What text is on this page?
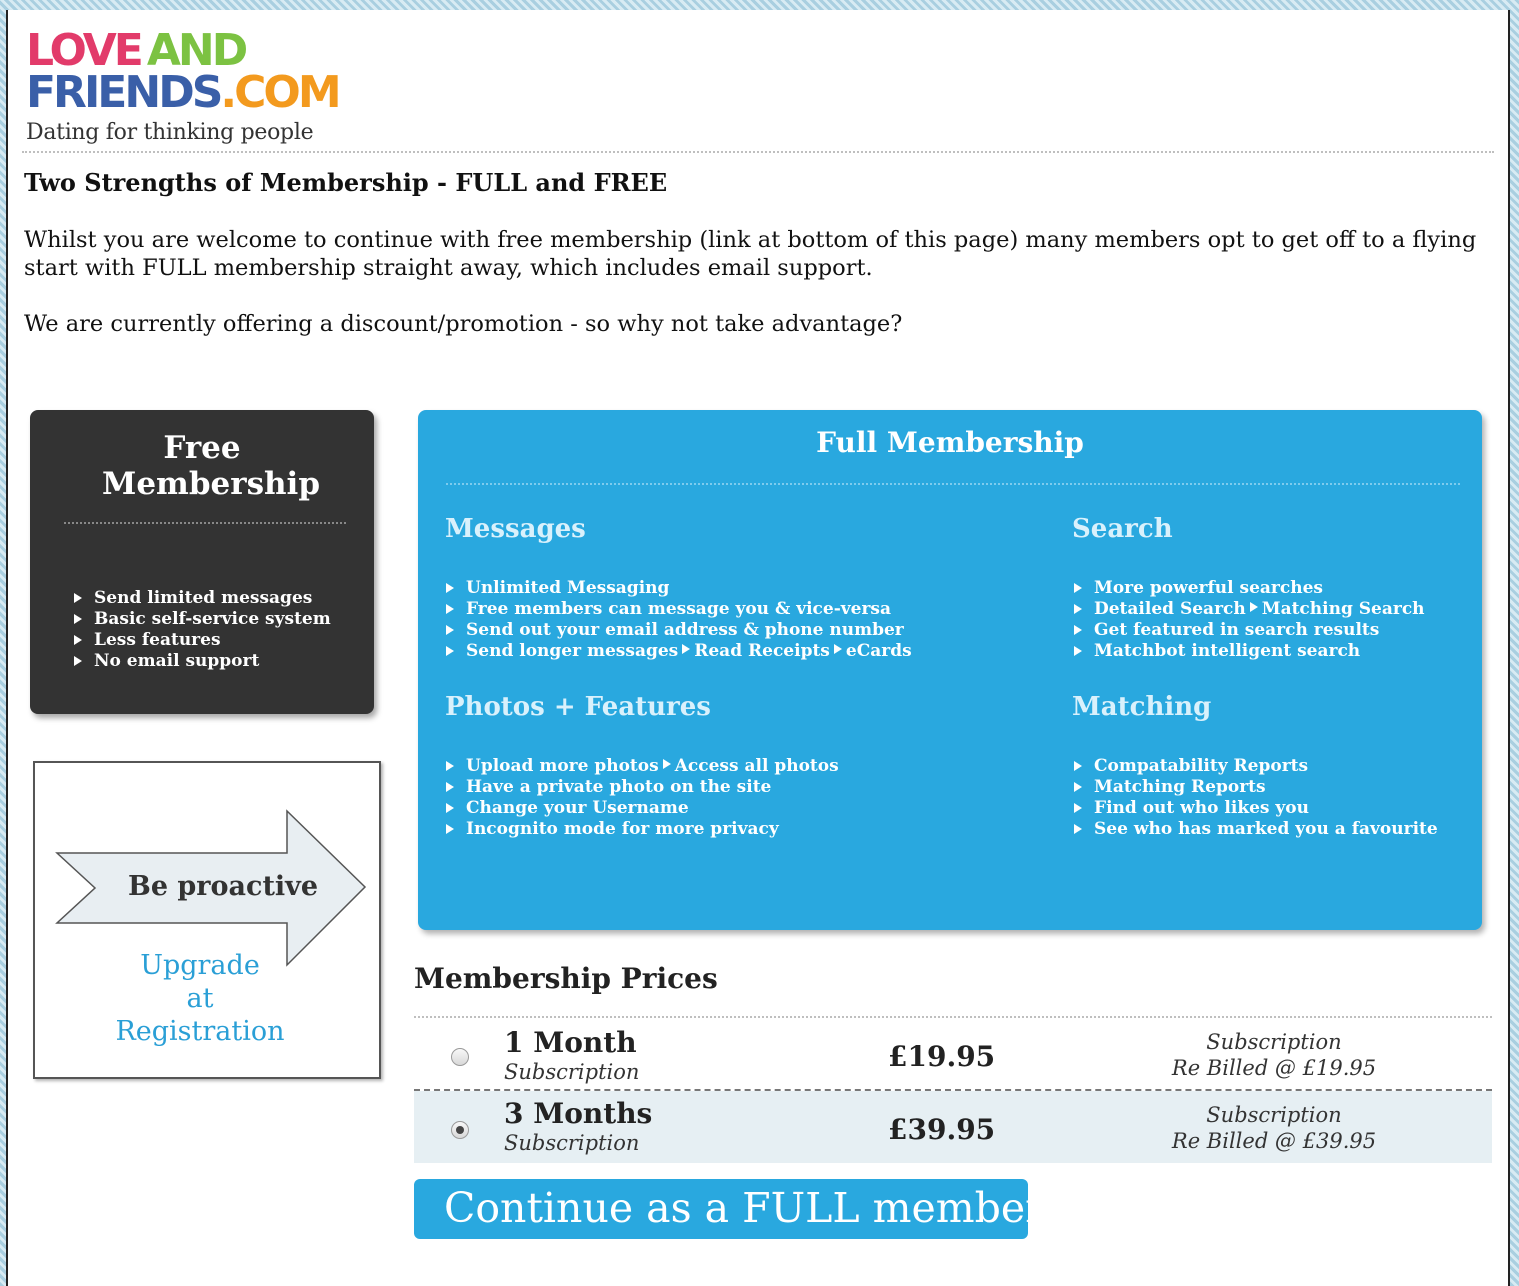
LOVE AND
FRIENDS.COM
Dating for thinking people
Two Strengths of Membership - FULL and FREE

Whilst you are welcome to continue with free membership (link at bottom of this page) many members opt to get off to a flying start with FULL membership straight away, which includes email support.

We are currently offering a discount/promotion - so why not take advantage?

Free Membership
Send limited messages
Basic self-service system
Less features
No email support
Be proactive
Upgrade
at
Registration
Full Membership
Messages
Unlimited Messaging
Free members can message you & vice-versa
Send out your email address & phone number
Send longer messages Read Receipts eCards
Search
More powerful searches
Detailed Search Matching Search
Get featured in search results
Matchbot intelligent search
Photos + Features
Upload more photos Access all photos
Have a private photo on the site
Change your Username
Incognito mode for more privacy
Matching
Compatability Reports
Matching Reports
Find out who likes you
See who has marked you a favourite
Membership Prices
1 Month
Subscription	£19.95	Subscription
Re Billed @ £19.95
3 Months
Subscription	£39.95	Subscription
Re Billed @ £39.95
Continue as a FULL member
